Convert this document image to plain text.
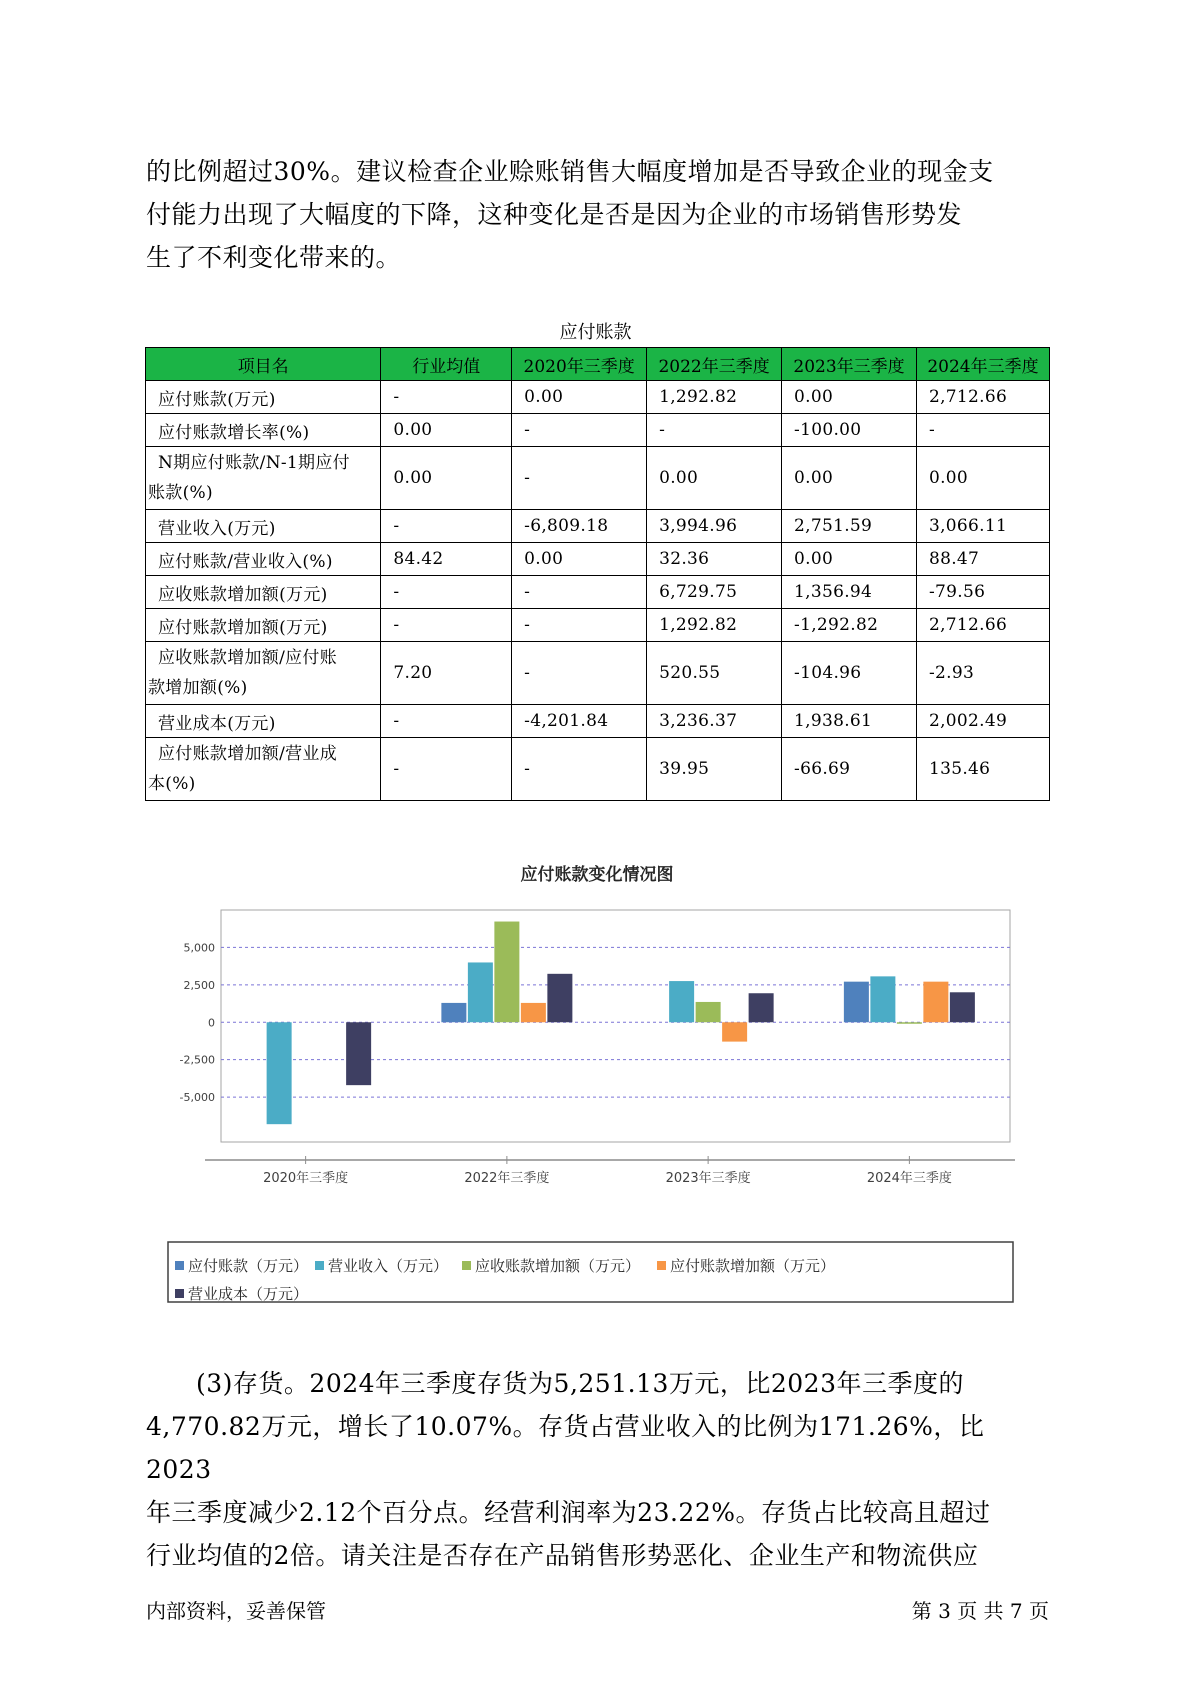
的比例超过30%。建议检查企业赊账销售大幅度增加是否导致企业的现金支
付能力出现了大幅度的下降，这种变化是否是因为企业的市场销售形势发
生了不利变化带来的。

应付账款
项目名	行业均值	2020年三季度	2022年三季度	2023年三季度	2024年三季度
应付账款(万元)	-	0.00	1,292.82	0.00	2,712.66
应付账款增长率(%)	0.00	-	-	-100.00	-
N期应付账款/N-1期应付
账款(%)	0.00	-	0.00	0.00	0.00
营业收入(万元)	-	-6,809.18	3,994.96	2,751.59	3,066.11
应付账款/营业收入(%)	84.42	0.00	32.36	0.00	88.47
应收账款增加额(万元)	-	-	6,729.75	1,356.94	-79.56
应付账款增加额(万元)	-	-	1,292.82	-1,292.82	2,712.66
应收账款增加额/应付账
款增加额(%)	7.20	-	520.55	-104.96	-2.93
营业成本(万元)	-	-4,201.84	3,236.37	1,938.61	2,002.49
应付账款增加额/营业成
本(%)	-	-	39.95	-66.69	135.46
应付账款变化情况图
5,000
2,500
0
-2,500
-5,000
2020年三季度	2022年三季度	2023年三季度	2024年三季度
应付账款（万元） 营业收入（万元） 应收账款增加额（万元） 应付账款增加额（万元）
营业成本（万元）

(3)存货。2024年三季度存货为5,251.13万元，比2023年三季度的
4,770.82万元，增长了10.07%。存货占营业收入的比例为171.26%，比2023
年三季度减少2.12个百分点。经营利润率为23.22%。存货占比较高且超过
行业均值的2倍。请关注是否存在产品销售形势恶化、企业生产和物流供应

内部资料，妥善保管	第 3 页 共 7 页
